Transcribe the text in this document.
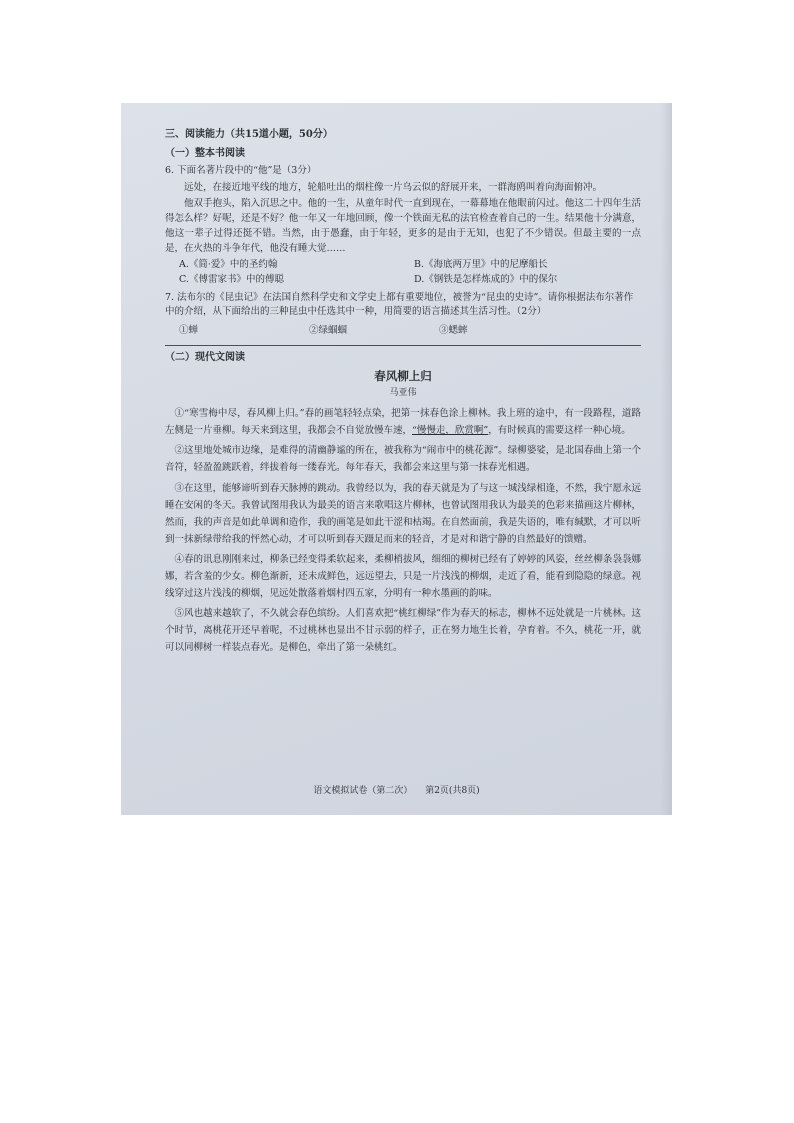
三、阅读能力（共15道小题，50分）
（一）整本书阅读
6. 下面名著片段中的“他”是（3分）

远处，在接近地平线的地方，轮船吐出的烟柱像一片乌云似的舒展开来，一群海鸥叫着向海面俯冲。

他双手抱头，陷入沉思之中。他的一生，从童年时代一直到现在，一幕幕地在他眼前闪过。他这二十四年生活得怎么样？好呢，还是不好？他一年又一年地回顾，像一个铁面无私的法官检查着自己的一生。结果他十分满意，他这一辈子过得还挺不错。当然，由于愚蠢，由于年轻，更多的是由于无知，也犯了不少错误。但最主要的一点是，在火热的斗争年代，他没有睡大觉……

A.《简·爱》中的圣约翰	B.《海底两万里》中的尼摩船长
C.《傅雷家书》中的傅聪	D.《钢铁是怎样炼成的》中的保尔
7. 法布尔的《昆虫记》在法国自然科学史和文学史上都有重要地位，被誉为“昆虫的史诗”。请你根据法布尔著作中的介绍，从下面给出的三种昆虫中任选其中一种，用简要的语言描述其生活习性。（2分）
①蝉	②绿蝈蝈	③蟋蟀
（二）现代文阅读
春风柳上归
马亚伟

①“寒雪梅中尽，春风柳上归。”春的画笔轻轻点染，把第一抹春色涂上柳林。我上班的途中，有一段路程，道路左侧是一片垂柳。每天来到这里，我都会不自觉放慢车速，“慢慢走，欣赏啊”，有时候真的需要这样一种心境。

②这里地处城市边缘，是难得的清幽静谧的所在，被我称为“闹市中的桃花源”。绿柳婆娑，是北国春曲上第一个音符，轻盈盈跳跃着，绊拔着每一缕春光。每年春天，我都会来这里与第一抹春光相遇。

③在这里，能够谛听到春天脉搏的跳动。我曾经以为，我的春天就是为了与这一城浅绿相逢，不然，我宁愿永远睡在安闲的冬天。我曾试图用我认为最美的语言来歌唱这片柳林，也曾试图用我认为最美的色彩来描画这片柳林，然而，我的声音是如此单调和造作，我的画笔是如此干涩和枯竭。在自然面前，我是失语的，唯有缄默，才可以听到一抹新绿带给我的怦然心动，才可以听到春天蹑足而来的轻音，才是对和谐宁静的自然最好的馈赠。

④春的讯息刚刚来过，柳条已经变得柔软起来，柔柳梢拔风，细细的柳树已经有了婷婷的风姿，丝丝柳条袅袅娜娜，若含羞的少女。柳色渐新，还未成鲜色，远远望去，只是一片浅浅的柳烟，走近了看，能看到隐隐的绿意。视线穿过这片浅浅的柳烟，见远处散落着烟村四五家，分明有一种水墨画的韵味。

⑤风也越来越软了，不久就会春色缤纷。人们喜欢把“桃红柳绿”作为春天的标志，柳林不远处就是一片桃林。这个时节，离桃花开还早着呢，不过桃林也显出不甘示弱的样子，正在努力地生长着，孕育着。不久，桃花一开，就可以同柳树一样装点春光。是柳色，牵出了第一朵桃红。

语文模拟试卷（第二次） 第2页(共8页)
